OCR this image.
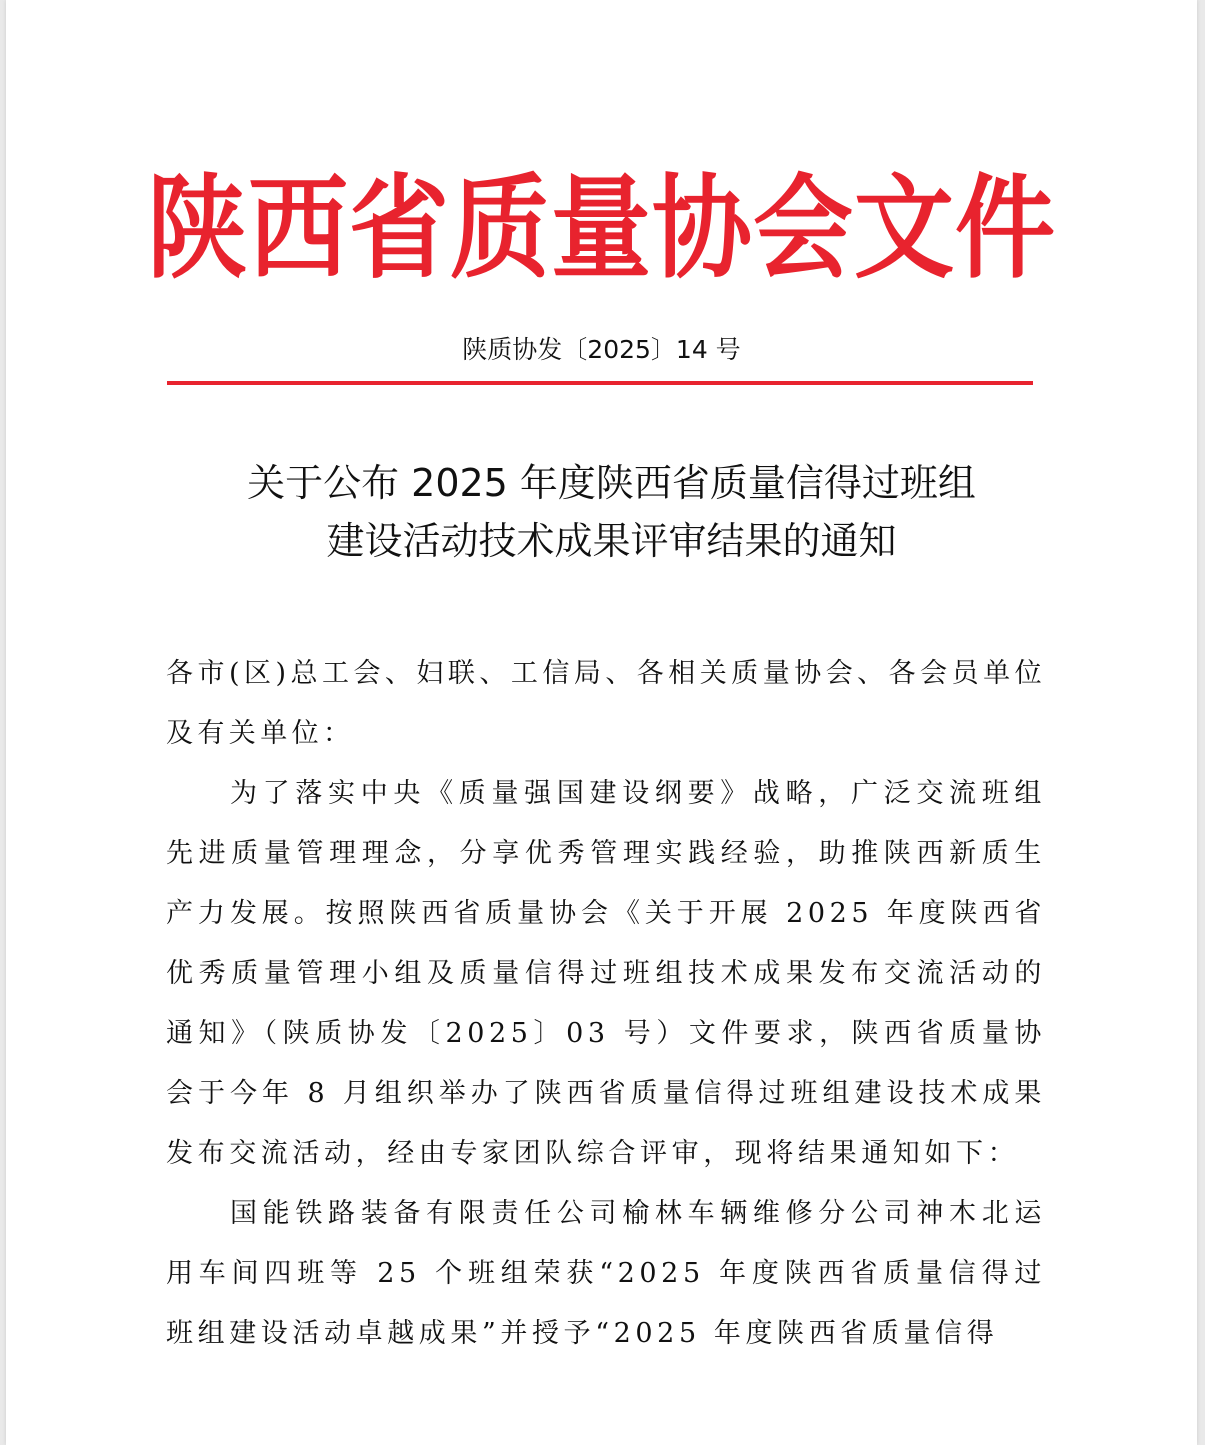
陕西省质量协会文件
陕质协发〔2025〕14 号
关于公布 2025 年度陕西省质量信得过班组
建设活动技术成果评审结果的通知

各市(区)总工会、妇联、工信局、各相关质量协会、各会员单位及有关单位：

为了落实中央《质量强国建设纲要》战略，广泛交流班组先进质量管理理念，分享优秀管理实践经验，助推陕西新质生产力发展。按照陕西省质量协会《关于开展 2025 年度陕西省优秀质量管理小组及质量信得过班组技术成果发布交流活动的通知》（陕质协发〔2025〕03 号）文件要求，陕西省质量协会于今年 8 月组织举办了陕西省质量信得过班组建设技术成果发布交流活动，经由专家团队综合评审，现将结果通知如下：

国能铁路装备有限责任公司榆林车辆维修分公司神木北运用车间四班等 25 个班组荣获“2025 年度陕西省质量信得过班组建设活动卓越成果”并授予“2025 年度陕西省质量信得
